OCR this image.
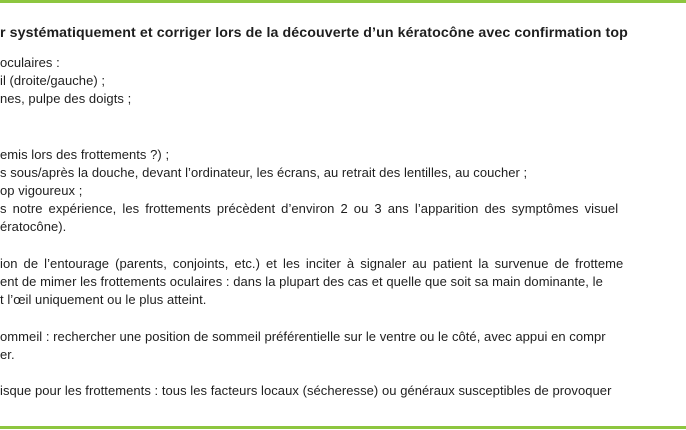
r systématiquement et corriger lors de la découverte d’un kératocône avec confirmation top
oculaires :
il (droite/gauche) ;
nes, pulpe des doigts ;
emis lors des frottements ?) ;
s sous/après la douche, devant l’ordinateur, les écrans, au retrait des lentilles, au coucher ;
op vigoureux ;
s notre expérience, les frottements précèdent d’environ 2 ou 3 ans l’apparition des symptômes visuel
ératocône).
ion de l’entourage (parents, conjoints, etc.) et les inciter à signaler au patient la survenue de frotteme
ent de mimer les frottements oculaires : dans la plupart des cas et quelle que soit sa main dominante, le
t l’œil uniquement ou le plus atteint.
ommeil : rechercher une position de sommeil préférentielle sur le ventre ou le côté, avec appui en compr
er.
isque pour les frottements : tous les facteurs locaux (sécheresse) ou généraux susceptibles de provoquer
